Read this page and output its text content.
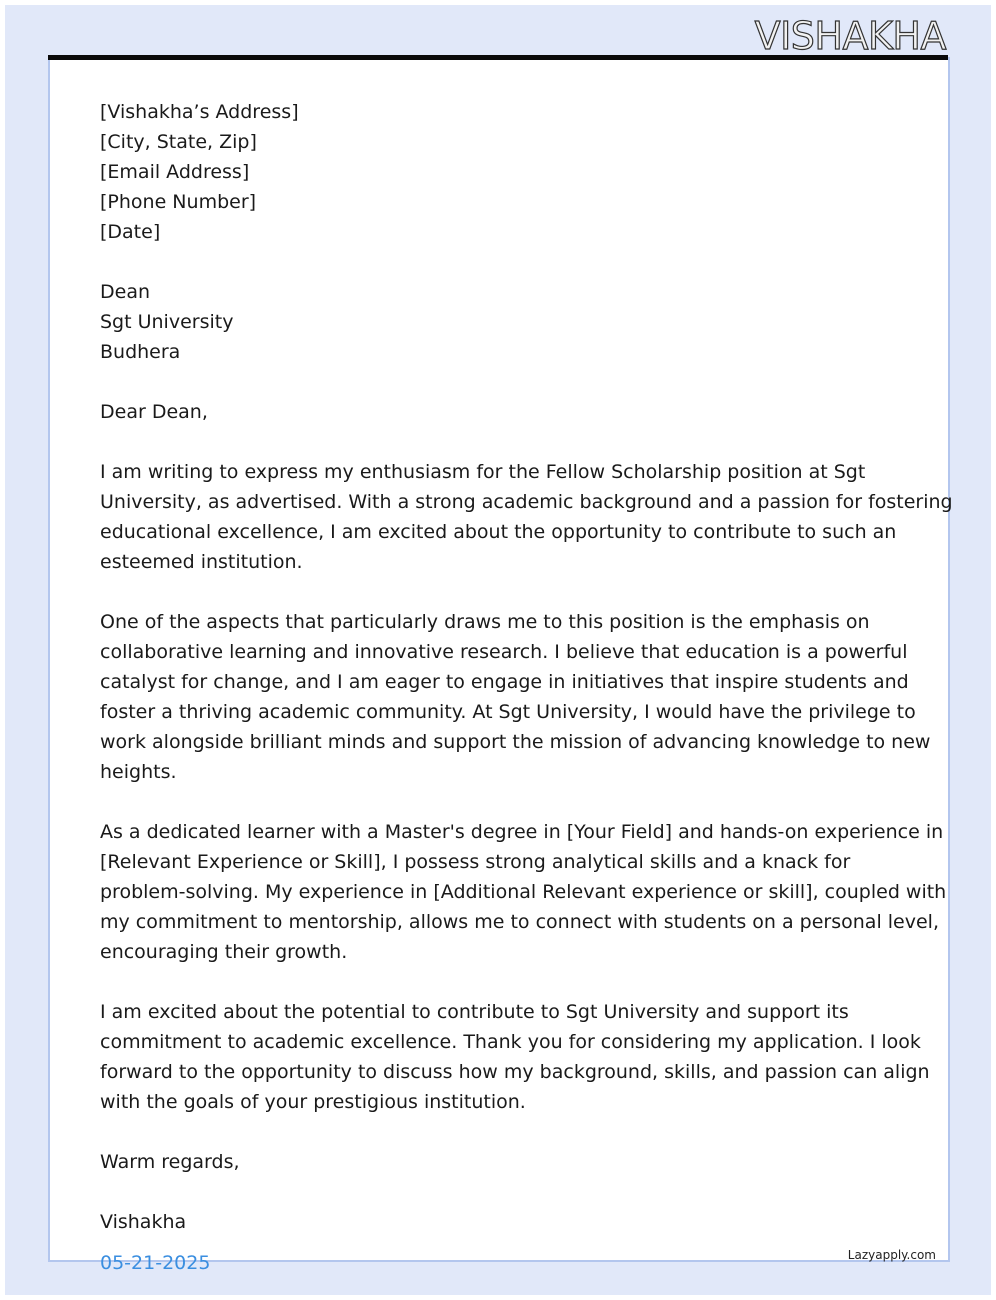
VISHAKHA
[Vishakha’s Address]
[City, State, Zip]
[Email Address]
[Phone Number]
[Date]
Dean
Sgt University
Budhera
Dear Dean,
I am writing to express my enthusiasm for the Fellow Scholarship position at Sgt
University, as advertised. With a strong academic background and a passion for fostering
educational excellence, I am excited about the opportunity to contribute to such an
esteemed institution.
One of the aspects that particularly draws me to this position is the emphasis on
collaborative learning and innovative research. I believe that education is a powerful
catalyst for change, and I am eager to engage in initiatives that inspire students and
foster a thriving academic community. At Sgt University, I would have the privilege to
work alongside brilliant minds and support the mission of advancing knowledge to new
heights.
As a dedicated learner with a Master's degree in [Your Field] and hands-on experience in
[Relevant Experience or Skill], I possess strong analytical skills and a knack for
problem-solving. My experience in [Additional Relevant experience or skill], coupled with
my commitment to mentorship, allows me to connect with students on a personal level,
encouraging their growth.
I am excited about the potential to contribute to Sgt University and support its
commitment to academic excellence. Thank you for considering my application. I look
forward to the opportunity to discuss how my background, skills, and passion can align
with the goals of your prestigious institution.
Warm regards,
Vishakha
05-21-2025	Lazyapply.com
